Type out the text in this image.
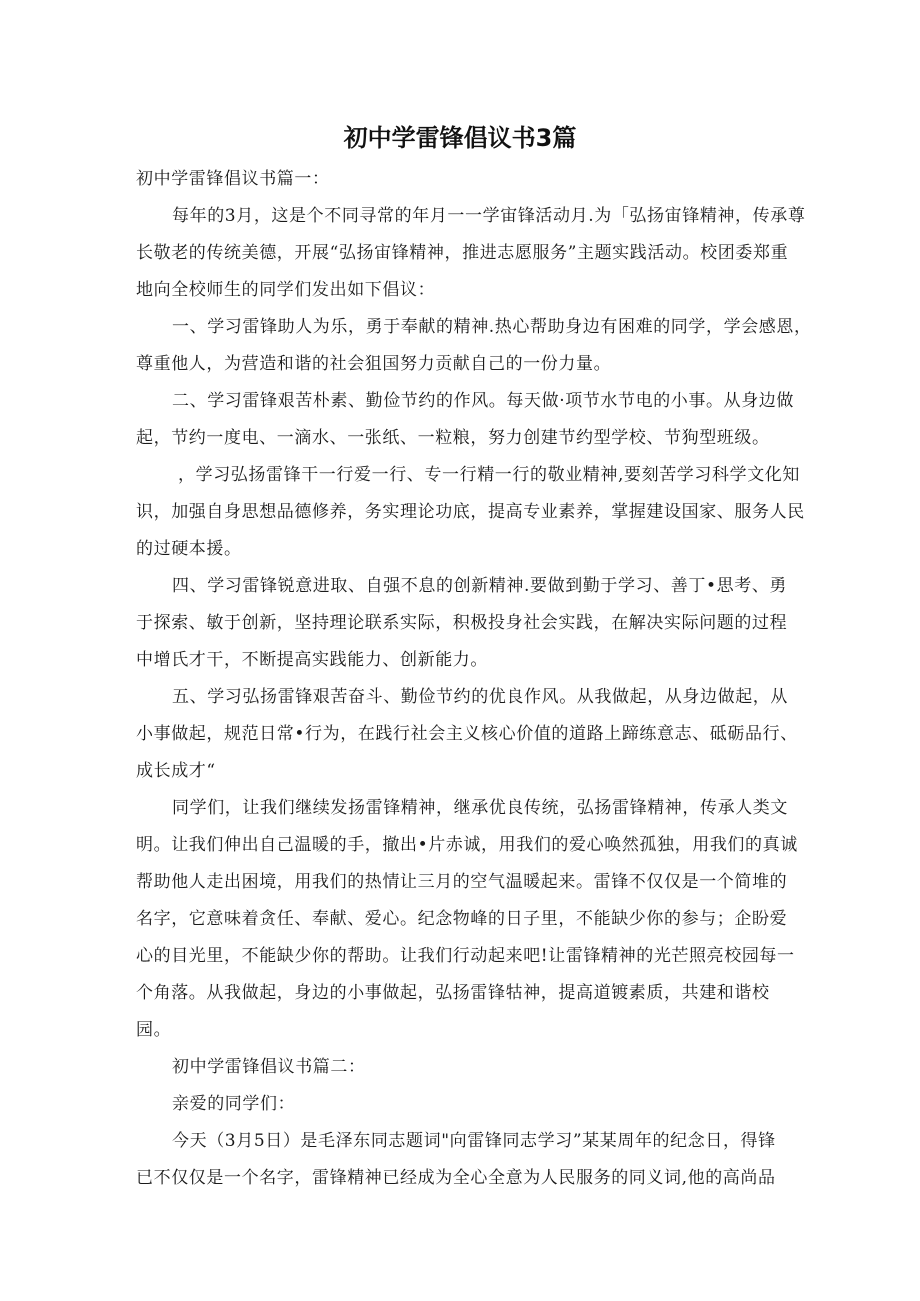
初中学雷锋倡议书3篇
初中学雷锋倡议书篇一：
每年的3月，这是个不同寻常的年月一一学宙锋活动月.为「弘扬宙锋精神，传承尊
长敬老的传统美德，开展“弘扬宙锋精神，推进志愿服务”主题实践活动。校团委郑重
地向全校师生的同学们发出如下倡议：
一、学习雷锋助人为乐，勇于奉献的精神.热心帮助身边有困难的同学，学会感恩，
尊重他人，为营造和谐的社会狙国努力贡献自己的一份力量。
二、学习雷锋艰苦朴素、勤俭节约的作风。每天做·项节水节电的小事。从身边做
起，节约一度电、一滴水、一张纸、一粒粮，努力创建节约型学校、节狗型班级。
，学习弘扬雷锋干一行爱一行、专一行精一行的敬业精神,要刻苦学习科学文化知
识，加强自身思想品德修养，务实理论功底，提高专业素养，掌握建设国家、服务人民
的过硬本援。
四、学习雷锋锐意进取、自强不息的创新精神.要做到勤于学习、善丁•思考、勇
于探索、敏于创新，坚持理论联系实际，积极投身社会实践，在解决实际问题的过程
中增氏才干，不断提高实践能力、创新能力。
五、学习弘扬雷锋艰苦奋斗、勤俭节约的优良作风。从我做起，从身边做起，从
小事做起，规范日常•行为，在践行社会主义核心价值的道路上蹄练意志、砥砺品行、
成长成才“
同学们，让我们继续发扬雷锋精神，继承优良传统，弘扬雷锋精神，传承人类文
明。让我们伸出自己温暖的手，撤出•片赤诚，用我们的爱心唤然孤独，用我们的真诚
帮助他人走出困境，用我们的热情让三月的空气温暖起来。雷锋不仅仅是一个简堆的
名字，它意味着贪任、奉献、爱心。纪念物峰的日子里，不能缺少你的参与；企盼爱
心的目光里，不能缺少你的帮助。让我们行动起来吧!让雷锋精神的光芒照亮校园每一
个角落。从我做起，身边的小事做起，弘扬雷锋牯神，提高道镀素质，共建和谐校
园。
初中学雷锋倡议书篇二：
亲爱的同学们：
今天（3月5日）是毛泽东同志题词"向雷锋同志学习”某某周年的纪念日，得锋
已不仅仅是一个名字，雷锋精神已经成为全心全意为人民服务的同义词,他的高尚品
